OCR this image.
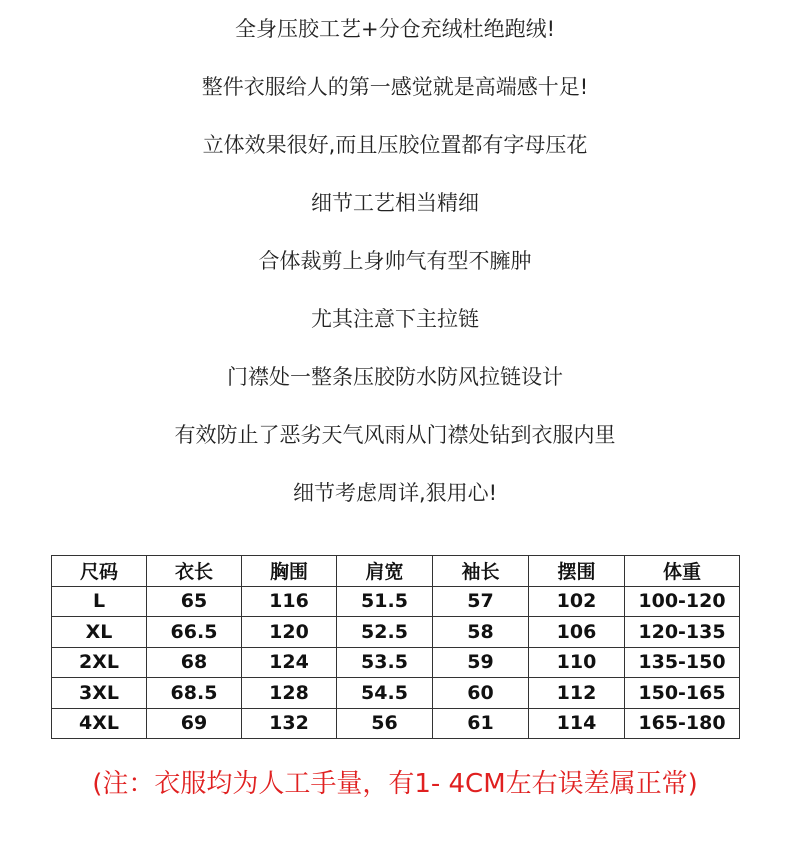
全身压胶工艺+分仓充绒杜绝跑绒!
整件衣服给人的第一感觉就是高端感十足!
立体效果很好,而且压胶位置都有字母压花
细节工艺相当精细
合体裁剪上身帅气有型不臃肿
尤其注意下主拉链
门襟处一整条压胶防水防风拉链设计
有效防止了恶劣天气风雨从门襟处钻到衣服内里
细节考虑周详,狠用心!
尺码	衣长	胸围	肩宽	袖长	摆围	体重
L	65	116	51.5	57	102	100-120
XL	66.5	120	52.5	58	106	120-135
2XL	68	124	53.5	59	110	135-150
3XL	68.5	128	54.5	60	112	150-165
4XL	69	132	56	61	114	165-180
(注：衣服均为人工手量，有1- 4CM左右误差属正常)
